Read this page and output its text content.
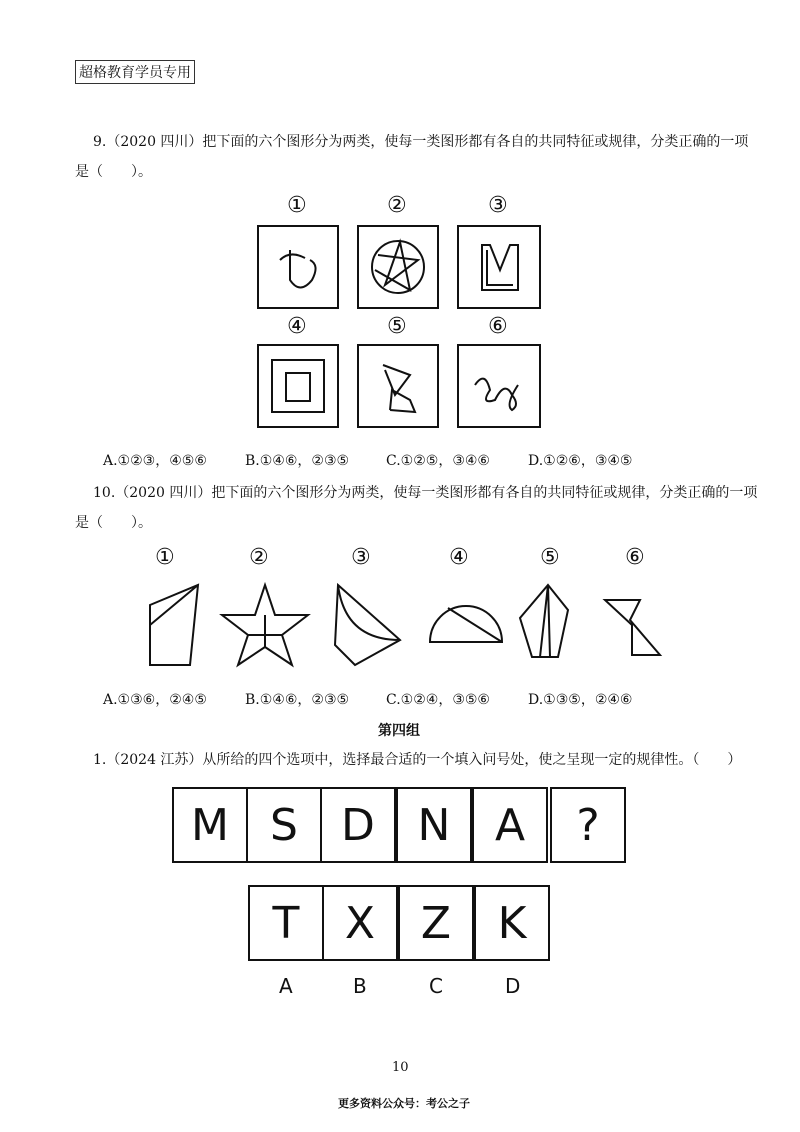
超格教育学员专用
9.（2020 四川）把下面的六个图形分为两类，使每一类图形都有各自的共同特征或规律，分类正确的一项
是（　　）。
①	②	③
④	⑤	⑥
A.①②③，④⑤⑥	B.①④⑥，②③⑤	C.①②⑤，③④⑥	D.①②⑥，③④⑤
10.（2020 四川）把下面的六个图形分为两类，使每一类图形都有各自的共同特征或规律，分类正确的一项
是（　　）。
①	②	③	④	⑤	⑥
A.①③⑥，②④⑤	B.①④⑥，②③⑤	C.①②④，③⑤⑥	D.①③⑤，②④⑥
第四组
1.（2024 江苏）从所给的四个选项中，选择最合适的一个填入问号处，使之呈现一定的规律性。（　　）
M S D N	A	?
T	X	Z	K
A	B	C	D
10
更多资料公众号：考公之子
